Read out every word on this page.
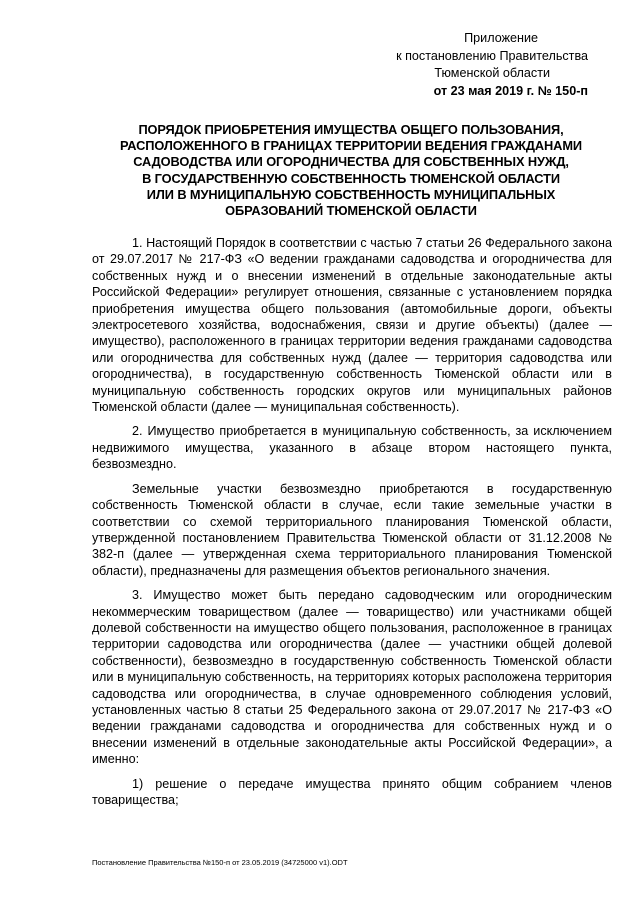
Приложение
к постановлению Правительства
Тюменской области
от 23 мая 2019 г. № 150-п
ПОРЯДОК ПРИОБРЕТЕНИЯ ИМУЩЕСТВА ОБЩЕГО ПОЛЬЗОВАНИЯ,
РАСПОЛОЖЕННОГО В ГРАНИЦАХ ТЕРРИТОРИИ ВЕДЕНИЯ ГРАЖДАНАМИ
САДОВОДСТВА ИЛИ ОГОРОДНИЧЕСТВА ДЛЯ СОБСТВЕННЫХ НУЖД,
В ГОСУДАРСТВЕННУЮ СОБСТВЕННОСТЬ ТЮМЕНСКОЙ ОБЛАСТИ
ИЛИ В МУНИЦИПАЛЬНУЮ СОБСТВЕННОСТЬ МУНИЦИПАЛЬНЫХ
ОБРАЗОВАНИЙ ТЮМЕНСКОЙ ОБЛАСТИ

1. Настоящий Порядок в соответствии с частью 7 статьи 26 Федерального закона от 29.07.2017 № 217-ФЗ «О ведении гражданами садоводства и огородничества для собственных нужд и о внесении изменений в отдельные законодательные акты Российской Федерации» регулирует отношения, связанные с установлением порядка приобретения имущества общего пользования (автомобильные дороги, объекты электросетевого хозяйства, водоснабжения, связи и другие объекты) (далее — имущество), расположенного в границах территории ведения гражданами садоводства или огородничества для собственных нужд (далее — территория садоводства или огородничества), в государственную собственность Тюменской области или в муниципальную собственность городских округов или муниципальных районов Тюменской области (далее — муниципальная собственность).

2. Имущество приобретается в муниципальную собственность, за исключением недвижимого имущества, указанного в абзаце втором настоящего пункта, безвозмездно.

Земельные участки безвозмездно приобретаются в государственную собственность Тюменской области в случае, если такие земельные участки в соответствии со схемой территориального планирования Тюменской области, утвержденной постановлением Правительства Тюменской области от 31.12.2008 № 382-п (далее — утвержденная схема территориального планирования Тюменской области), предназначены для размещения объектов регионального значения.

3. Имущество может быть передано садоводческим или огородническим некоммерческим товариществом (далее — товарищество) или участниками общей долевой собственности на имущество общего пользования, расположенное в границах территории садоводства или огородничества (далее — участники общей долевой собственности), безвозмездно в государственную собственность Тюменской области или в муниципальную собственность, на территориях которых расположена территория садоводства или огородничества, в случае одновременного соблюдения условий, установленных частью 8 статьи 25 Федерального закона от 29.07.2017 № 217-ФЗ «О ведении гражданами садоводства и огородничества для собственных нужд и о внесении изменений в отдельные законодательные акты Российской Федерации», а именно:

1) решение о передаче имущества принято общим собранием членов товарищества;

Постановление Правительства №150-п от 23.05.2019 (34725000 v1).ODT
